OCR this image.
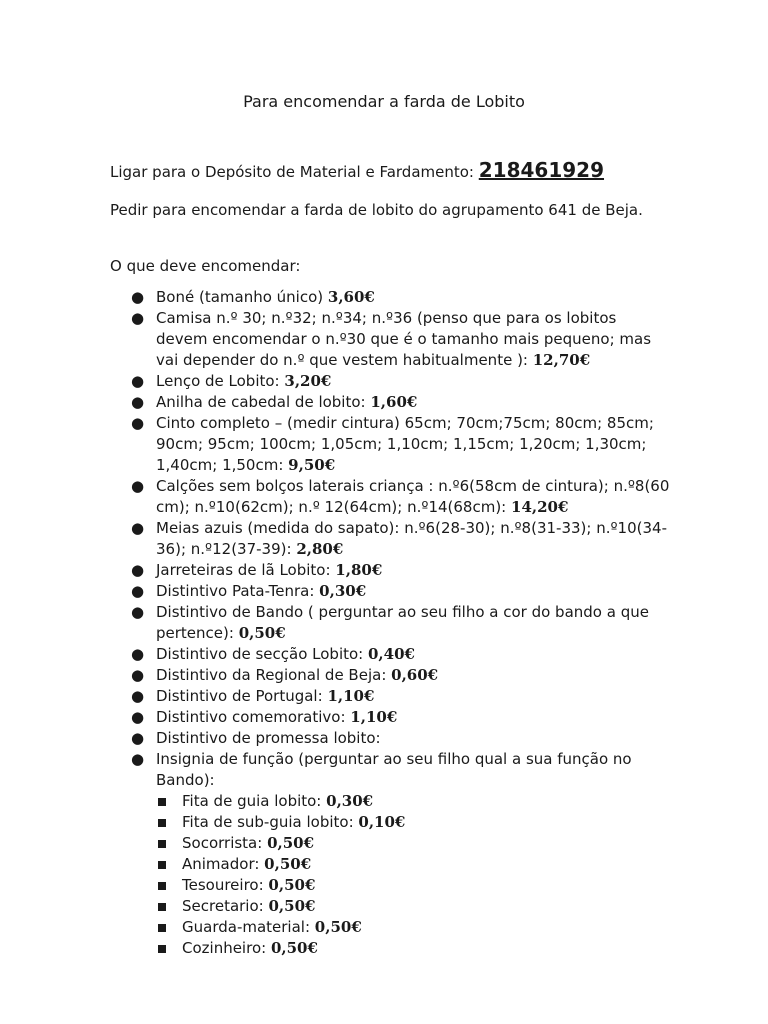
Para encomendar a farda de Lobito
Ligar para o Depósito de Material e Fardamento: 218461929
Pedir para encomendar a farda de lobito do agrupamento 641 de Beja.
O que deve encomendar:
● Boné (tamanho único) 3,60€
● Camisa n.º 30; n.º32; n.º34; n.º36 (penso que para os lobitos devem encomendar o n.º30 que é o tamanho mais pequeno; mas vai depender do n.º que vestem habitualmente ): 12,70€
● Lenço de Lobito: 3,20€
● Anilha de cabedal de lobito: 1,60€
● Cinto completo – (medir cintura) 65cm; 70cm;75cm; 80cm; 85cm; 90cm; 95cm; 100cm; 1,05cm; 1,10cm; 1,15cm; 1,20cm; 1,30cm; 1,40cm; 1,50cm: 9,50€
● Calções sem bolços laterais criança : n.º6(58cm de cintura); n.º8(60 cm); n.º10(62cm); n.º 12(64cm); n.º14(68cm): 14,20€
● Meias azuis (medida do sapato): n.º6(28-30); n.º8(31-33); n.º10(34-36); n.º12(37-39): 2,80€
● Jarreteiras de lã Lobito: 1,80€
● Distintivo Pata-Tenra: 0,30€
● Distintivo de Bando ( perguntar ao seu filho a cor do bando a que pertence): 0,50€
● Distintivo de secção Lobito: 0,40€
● Distintivo da Regional de Beja: 0,60€
● Distintivo de Portugal: 1,10€
● Distintivo comemorativo: 1,10€
● Distintivo de promessa lobito:
● Insignia de função (perguntar ao seu filho qual a sua função no Bando):
Fita de guia lobito: 0,30€
Fita de sub-guia lobito: 0,10€
Socorrista: 0,50€
Animador: 0,50€
Tesoureiro: 0,50€
Secretario: 0,50€
Guarda-material: 0,50€
Cozinheiro: 0,50€
